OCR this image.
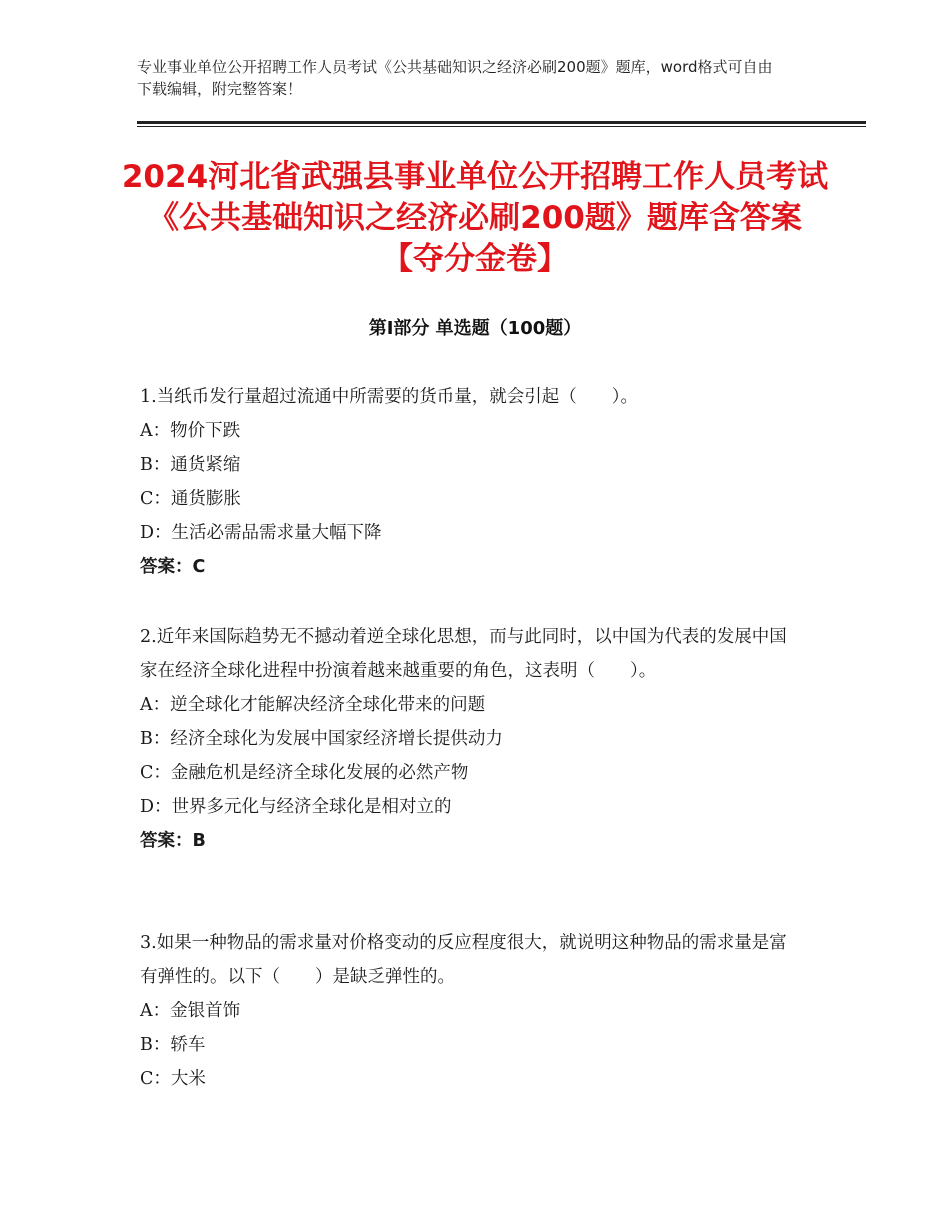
专业事业单位公开招聘工作人员考试《公共基础知识之经济必刷200题》题库，word格式可自由下载编辑，附完整答案！
2024河北省武强县事业单位公开招聘工作人员考试《公共基础知识之经济必刷200题》题库含答案【夺分金卷】
第Ⅰ部分 单选题（100题）
1.当纸币发行量超过流通中所需要的货币量，就会引起（　　）。
A：物价下跌
B：通货紧缩
C：通货膨胀
D：生活必需品需求量大幅下降
答案：C
2.近年来国际趋势无不撼动着逆全球化思想，而与此同时，以中国为代表的发展中国家在经济全球化进程中扮演着越来越重要的角色，这表明（　　）。
A：逆全球化才能解决经济全球化带来的问题
B：经济全球化为发展中国家经济增长提供动力
C：金融危机是经济全球化发展的必然产物
D：世界多元化与经济全球化是相对立的
答案：B
3.如果一种物品的需求量对价格变动的反应程度很大，就说明这种物品的需求量是富有弹性的。以下（　　）是缺乏弹性的。
A：金银首饰
B：轿车
C：大米
